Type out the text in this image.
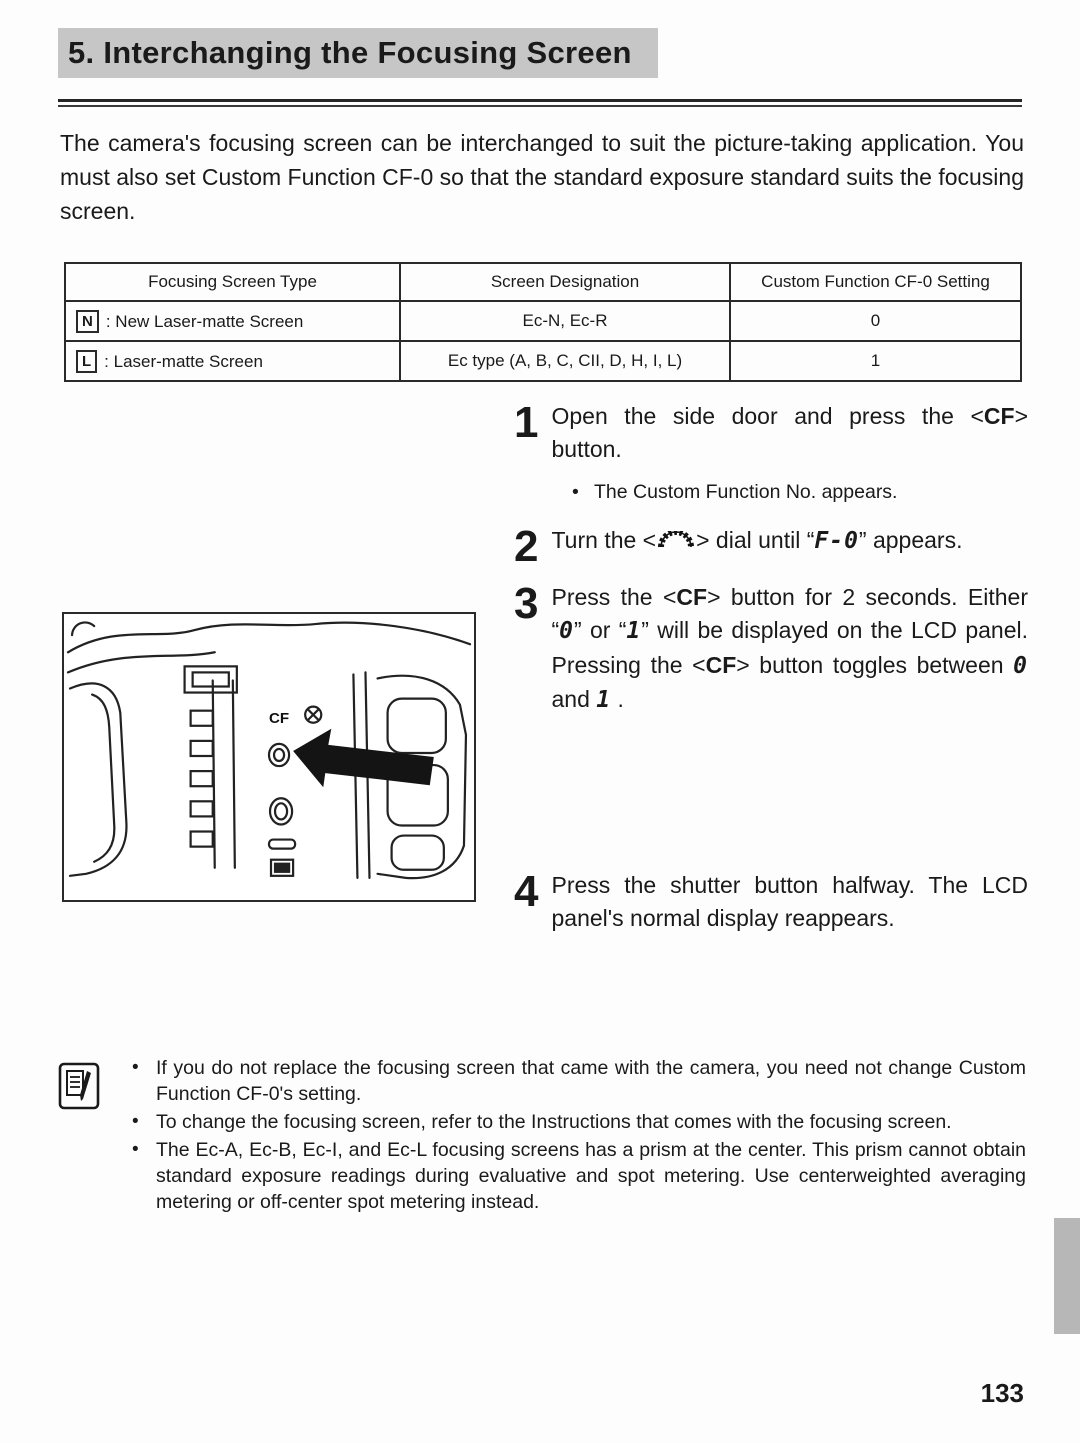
5. Interchanging the Focusing Screen

The camera's focusing screen can be interchanged to suit the picture-taking application. You must also set Custom Function CF-0 so that the standard exposure standard suits the focusing screen.

Focusing Screen Type	Screen Designation	Custom Function CF-0 Setting
N : New Laser-matte Screen	Ec-N, Ec-R	0
L : Laser-matte Screen	Ec type (A, B, C, CII, D, H, I, L)	1
1 Open the side door and press the <CF> button.

• The Custom Function No. appears.
2 Turn the < > dial until “F-0” appears.

3 Press the <CF> button for 2 seconds. Either “0” or “1” will be displayed on the LCD panel. Pressing the <CF> button toggles between 0 and 1 .

4 Press the shutter button halfway. The LCD panel's normal display reappears.

CF
• If you do not replace the focusing screen that came with the camera, you need not change Custom Function CF-0's setting.

• To change the focusing screen, refer to the Instructions that comes with the focusing screen.

• The Ec-A, Ec-B, Ec-I, and Ec-L focusing screens has a prism at the center. This prism cannot obtain standard exposure readings during evaluative and spot metering. Use centerweighted averaging metering or off-center spot metering instead.

133
